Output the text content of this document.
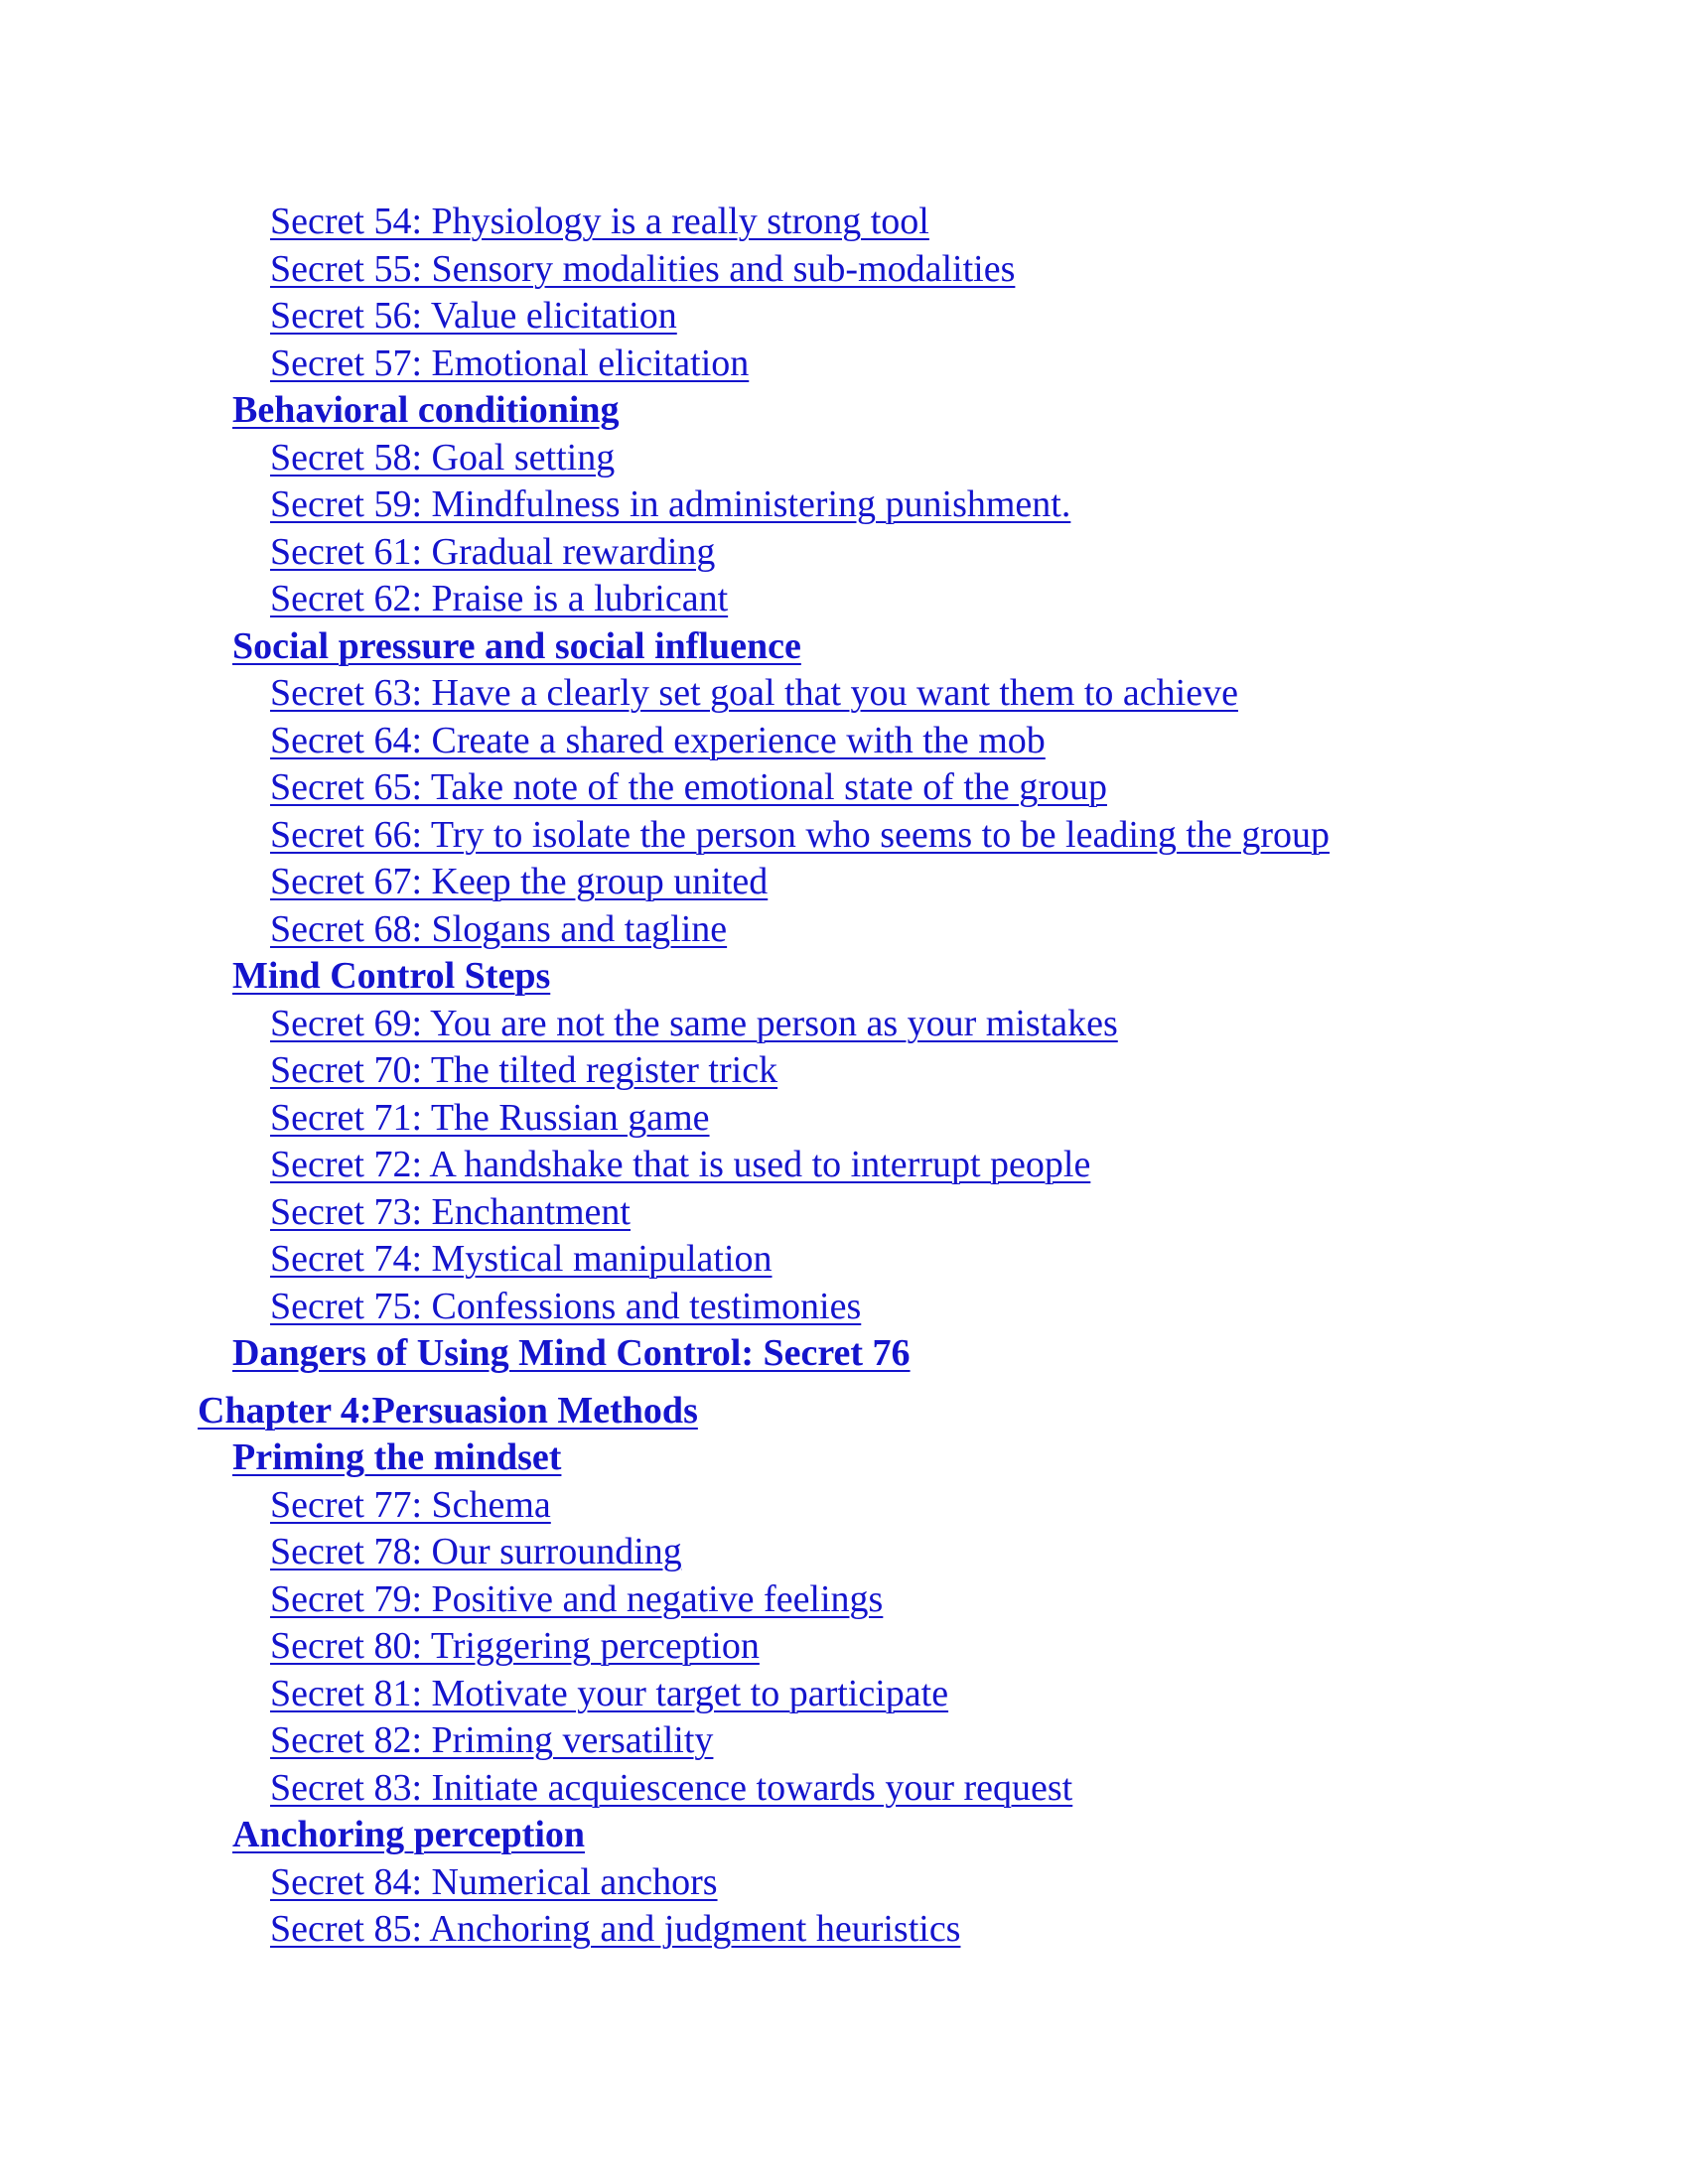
Secret 54: Physiology is a really strong tool
Secret 55: Sensory modalities and sub-modalities
Secret 56: Value elicitation
Secret 57: Emotional elicitation
Behavioral conditioning
Secret 58: Goal setting
Secret 59: Mindfulness in administering punishment.
Secret 61: Gradual rewarding
Secret 62: Praise is a lubricant
Social pressure and social influence
Secret 63: Have a clearly set goal that you want them to achieve
Secret 64: Create a shared experience with the mob
Secret 65: Take note of the emotional state of the group
Secret 66: Try to isolate the person who seems to be leading the group
Secret 67: Keep the group united
Secret 68: Slogans and tagline
Mind Control Steps
Secret 69: You are not the same person as your mistakes
Secret 70: The tilted register trick
Secret 71: The Russian game
Secret 72: A handshake that is used to interrupt people
Secret 73: Enchantment
Secret 74: Mystical manipulation
Secret 75: Confessions and testimonies
Dangers of Using Mind Control: Secret 76
Chapter 4:Persuasion Methods
Priming the mindset
Secret 77: Schema
Secret 78: Our surrounding
Secret 79: Positive and negative feelings
Secret 80: Triggering perception
Secret 81: Motivate your target to participate
Secret 82: Priming versatility
Secret 83: Initiate acquiescence towards your request
Anchoring perception
Secret 84: Numerical anchors
Secret 85: Anchoring and judgment heuristics
